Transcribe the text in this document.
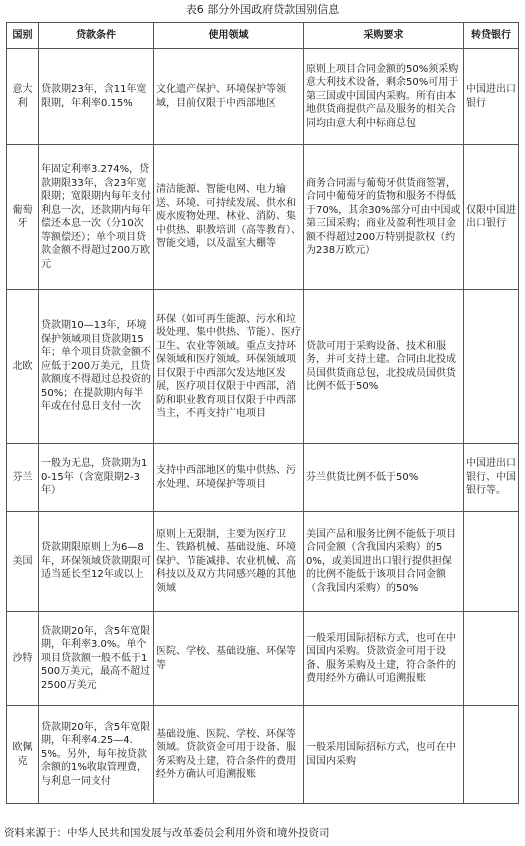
表6 部分外国政府贷款国别信息
国别	贷款条件	使用领域	采购要求	转贷银行
意大利	贷款期23年，含11年宽限期，年利率0.15%	文化遗产保护、环境保护等领域，目前仅限于中西部地区	原则上项目合同金额的50%须采购意大利技术设备，剩余50%可用于第三国或中国国内采购。所有由本地供货商提供产品及服务的相关合同均由意大利中标商总包	中国进出口银行
葡萄牙	年固定利率3.274%，贷款期限33年，含23年宽限期；宽限期内每年支付利息一次，还款期内每年偿还本息一次（分10次等额偿还）；单个项目贷款金额不得超过200万欧元	清洁能源、智能电网、电力输送、环境、可持续发展、供水和废水废物处理、林业、消防、集中供热、职教培训（高等教育）、智能交通，以及温室大棚等	商务合同需与葡萄牙供货商签署，合同中葡萄牙的货物和服务不得低于70%，其余30%部分可由中国或第三国采购；商业及盈利性项目金额不得超过200万特别提款权（约为238万欧元）	仅限中国进出口银行
北欧	贷款期10—13年，环境保护领域项目贷款期15年；单个项目贷款金额不应低于200万美元，且贷款额度不得超过总投资的50%；在提款期内每半年或在付息日支付一次	环保（如可再生能源、污水和垃圾处理、集中供热、节能）、医疗卫生、农业等领域。重点支持环保领域和医疗领域。环保领域项目仅限于中西部欠发达地区发展，医疗项目仅限于中西部，消防和职业教育项目仅限于中西部当主，不再支持广电项目	贷款可用于采购设备、技术和服务，并可支持土建。合同由北投成员国供货商总包，北投成员国供货比例不低于50%	
芬兰	一般为无息，贷款期为10-15年（含宽限期2-3年）	支持中西部地区的集中供热、污水处理、环境保护等项目	芬兰供货比例不低于50%	中国进出口银行、中国银行等。
美国	贷款期限原则上为6—8年，环保领域贷款期限可适当延长至12年或以上	原则上无限制，主要为医疗卫生、铁路机械、基础设施、环境保护、节能减排、农业机械、高科技以及双方共同感兴趣的其他领域	美国产品和服务比例不能低于项目合同金额（含我国内采购）的50%，或美国进出口银行提供担保的比例不能低于该项目合同金额（含我国内采购）的50%	
沙特	贷款期20年，含5年宽限期，年利率3.0%。单个项目贷款额一般不低于1500万美元，最高不超过2500万美元	医院、学校、基础设施、环保等等	一般采用国际招标方式，也可在中国国内采购。贷款资金可用于设备、服务采购及土建，符合条件的费用经外方确认可追溯报账	
欧佩克	贷款期20年，含5年宽限期，年利率4.25—4.5%。另外，每年按贷款余额的1%收取管理费，与利息一同支付	基础设施、医院、学校、环保等领域。贷款资金可用于设备、服务采购及土建，符合条件的费用经外方确认可追溯报账	一般采用国际招标方式，也可在中国国内采购	
资料来源于：中华人民共和国发展与改革委员会利用外资和境外投资司
